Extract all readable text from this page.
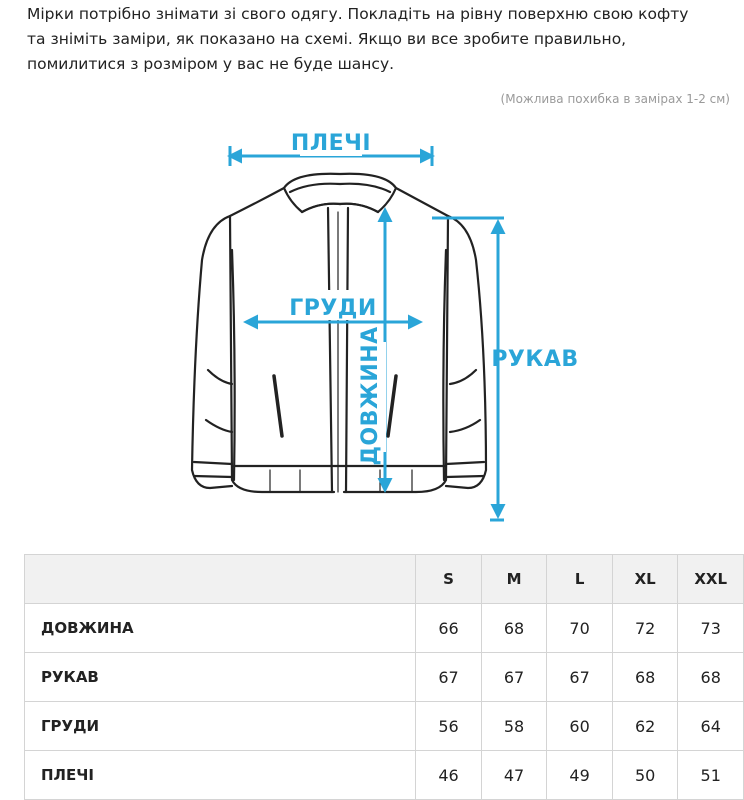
Мірки потрібно знімати зі свого одягу. Покладіть на рівну поверхню свою кофту

та зніміть заміри, як показано на схемі. Якщо ви все зробите правильно,

помилитися з розміром у вас не буде шансу.

(Можлива похибка в замірах 1-2 см)
ПЛЕЧІ
ГРУДИ
ДОВЖИНА	РУКАВ
	S	M	L	XL	XXL
ДОВЖИНА	66	68	70	72	73
РУКАВ	67	67	67	68	68
ГРУДИ	56	58	60	62	64
ПЛЕЧІ	46	47	49	50	51
